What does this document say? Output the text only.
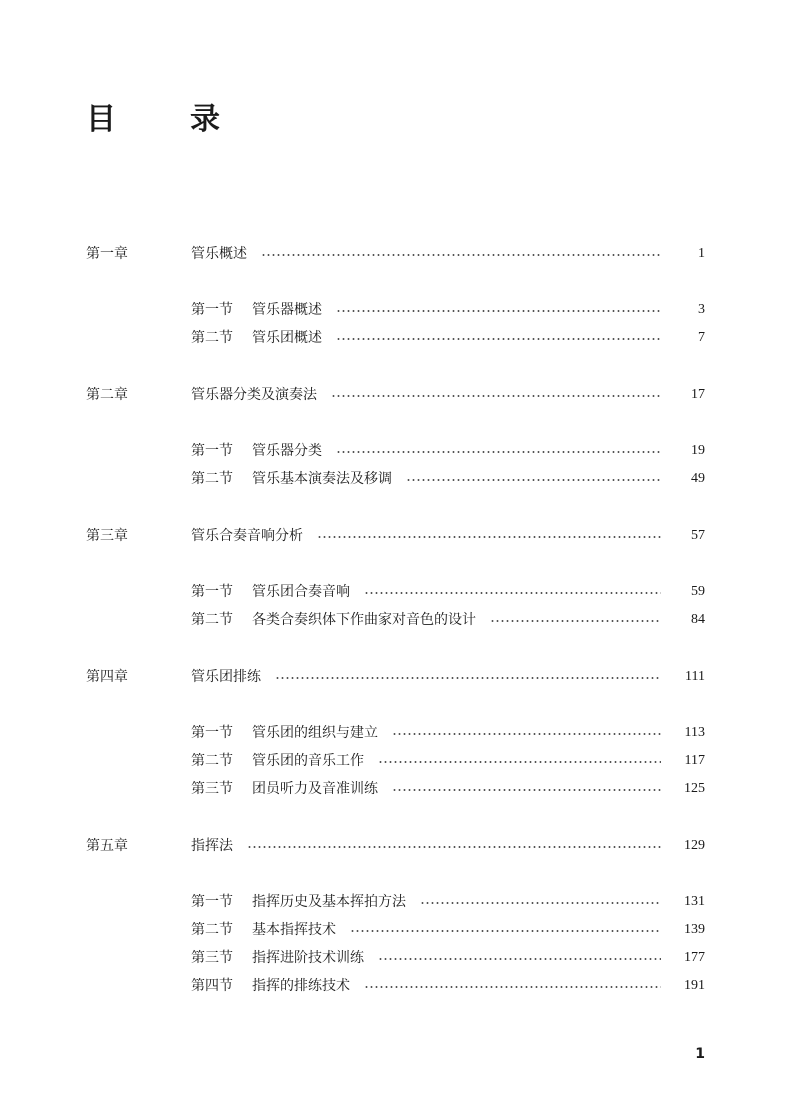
目　录
第一章	管乐概述	1
第一节 管乐器概述	3
第二节 管乐团概述	7
第二章	管乐器分类及演奏法	17
第一节 管乐器分类	19
第二节 管乐基本演奏法及移调	49
第三章	管乐合奏音响分析	57
第一节 管乐团合奏音响	59
第二节 各类合奏织体下作曲家对音色的设计	84
第四章	管乐团排练	111
第一节 管乐团的组织与建立	113
第二节 管乐团的音乐工作	117
第三节 团员听力及音准训练	125
第五章	指挥法	129
第一节 指挥历史及基本挥拍方法	131
第二节 基本指挥技术	139
第三节 指挥进阶技术训练	177
第四节 指挥的排练技术	191
1
